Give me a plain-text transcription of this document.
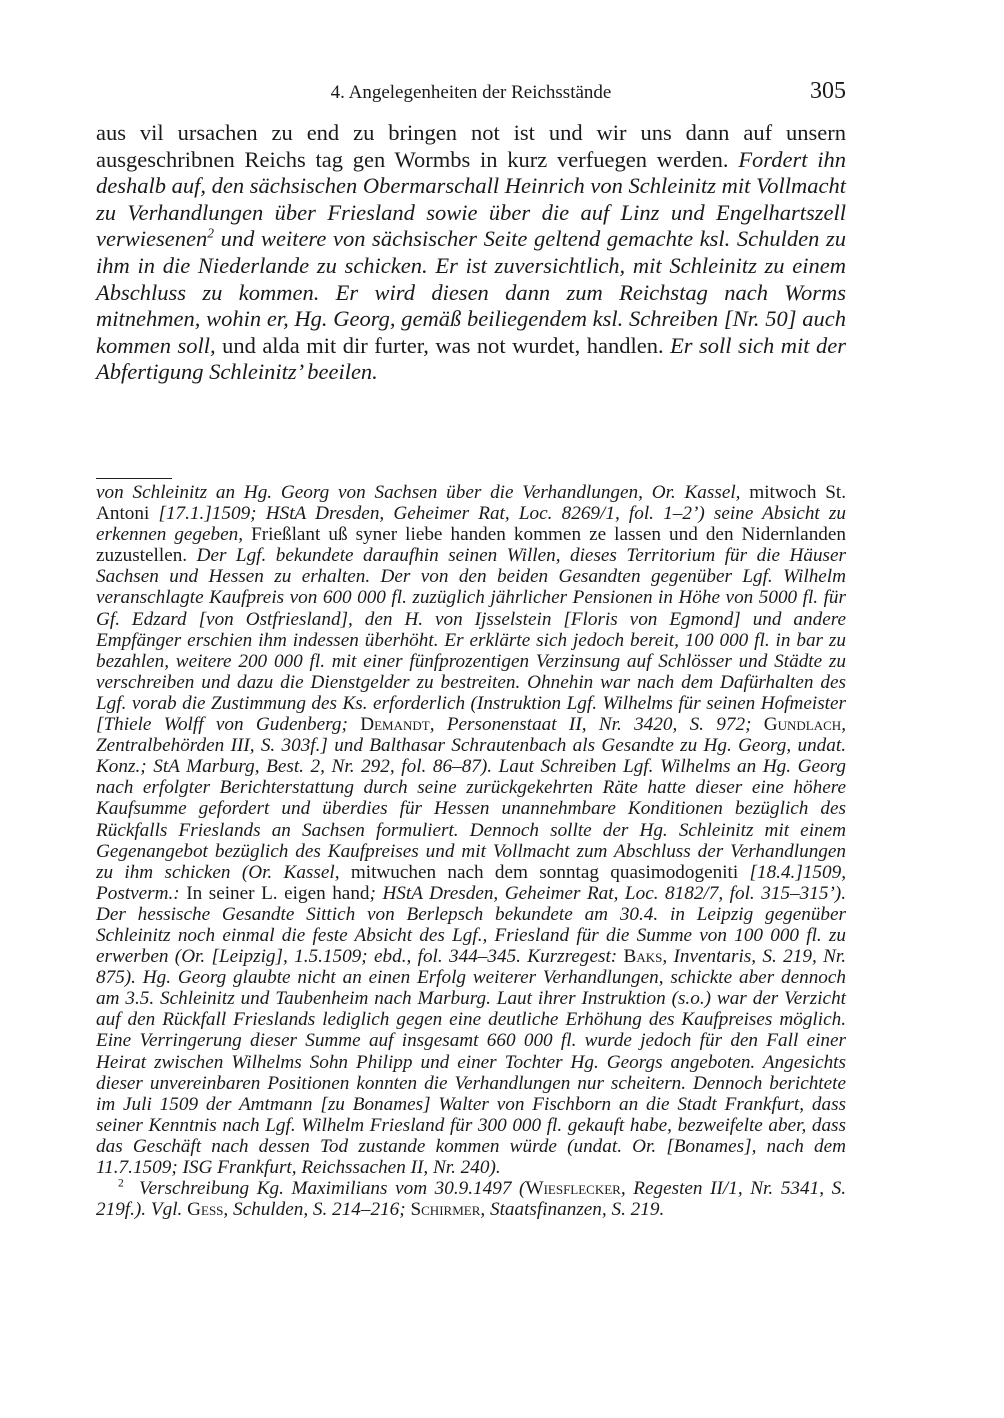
4. Angelegenheiten der Reichsstände	305

aus vil ursachen zu end zu bringen not ist und wir uns dann auf unsern ausgeschribnen Reichs tag gen Wormbs in kurz verfuegen werden. Fordert ihn deshalb auf, den sächsischen Obermarschall Heinrich von Schleinitz mit Vollmacht zu Verhandlungen über Friesland sowie über die auf Linz und Engelhartszell verwiesenen$^2$ und weitere von sächsischer Seite geltend gemachte ksl. Schulden zu ihm in die Niederlande zu schicken. Er ist zuversichtlich, mit Schleinitz zu einem Abschluss zu kommen. Er wird diesen dann zum Reichstag nach Worms mitnehmen, wohin er, Hg. Georg, gemäß beiliegendem ksl. Schreiben [Nr. 50] auch kommen soll, und alda mit dir furter, was not wurdet, handlen. Er soll sich mit der Abfertigung Schleinitz’ beeilen.

von Schleinitz an Hg. Georg von Sachsen über die Verhandlungen, Or. Kassel, mitwoch St. Antoni [17.1.]1509; HStA Dresden, Geheimer Rat, Loc. 8269/1, fol. 1–2’) seine Absicht zu erkennen gegeben, Frießlant uß syner liebe handen kommen ze lassen und den Nidernlanden zuzustellen. Der Lgf. bekundete daraufhin seinen Willen, dieses Territorium für die Häuser Sachsen und Hessen zu erhalten. Der von den beiden Gesandten gegenüber Lgf. Wilhelm veranschlagte Kaufpreis von 600 000 fl. zuzüglich jährlicher Pensionen in Höhe von 5000 fl. für Gf. Edzard [von Ostfriesland], den H. von Ijsselstein [Floris von Egmond] und andere Empfänger erschien ihm indessen überhöht. Er erklärte sich jedoch bereit, 100 000 fl. in bar zu bezahlen, weitere 200 000 fl. mit einer fünfprozentigen Verzinsung auf Schlösser und Städte zu verschreiben und dazu die Dienstgelder zu bestreiten. Ohnehin war nach dem Dafürhalten des Lgf. vorab die Zustimmung des Ks. erforderlich (Instruktion Lgf. Wilhelms für seinen Hofmeister [Thiele Wolff von Gudenberg; Demandt, Personenstaat II, Nr. 3420, S. 972; Gundlach, Zentralbehörden III, S. 303f.] und Balthasar Schrautenbach als Gesandte zu Hg. Georg, undat. Konz.; StA Marburg, Best. 2, Nr. 292, fol. 86–87). Laut Schreiben Lgf. Wilhelms an Hg. Georg nach erfolgter Berichterstattung durch seine zurückgekehrten Räte hatte dieser eine höhere Kaufsumme gefordert und überdies für Hessen unannehmbare Konditionen bezüglich des Rückfalls Frieslands an Sachsen formuliert. Dennoch sollte der Hg. Schleinitz mit einem Gegenangebot bezüglich des Kaufpreises und mit Vollmacht zum Abschluss der Verhandlungen zu ihm schicken (Or. Kassel, mitwuchen nach dem sonntag quasimodogeniti [18.4.]1509, Postverm.: In seiner L. eigen hand; HStA Dresden, Geheimer Rat, Loc. 8182/7, fol. 315–315’). Der hessische Gesandte Sittich von Berlepsch bekundete am 30.4. in Leipzig gegenüber Schleinitz noch einmal die feste Absicht des Lgf., Friesland für die Summe von 100 000 fl. zu erwerben (Or. [Leipzig], 1.5.1509; ebd., fol. 344–345. Kurzregest: Baks, Inventaris, S. 219, Nr. 875). Hg. Georg glaubte nicht an einen Erfolg weiterer Verhandlungen, schickte aber dennoch am 3.5. Schleinitz und Taubenheim nach Marburg. Laut ihrer Instruktion (s.o.) war der Verzicht auf den Rückfall Frieslands lediglich gegen eine deutliche Erhöhung des Kaufpreises möglich. Eine Verringerung dieser Summe auf insgesamt 660 000 fl. wurde jedoch für den Fall einer Heirat zwischen Wilhelms Sohn Philipp und einer Tochter Hg. Georgs angeboten. Angesichts dieser unvereinbaren Positionen konnten die Verhandlungen nur scheitern. Dennoch berichtete im Juli 1509 der Amtmann [zu Bonames] Walter von Fischborn an die Stadt Frankfurt, dass seiner Kenntnis nach Lgf. Wilhelm Friesland für 300 000 fl. gekauft habe, bezweifelte aber, dass das Geschäft nach dessen Tod zustande kommen würde (undat. Or. [Bonames], nach dem 11.7.1509; ISG Frankfurt, Reichssachen II, Nr. 240).

$^2$ Verschreibung Kg. Maximilians vom 30.9.1497 (Wiesflecker, Regesten II/1, Nr. 5341, S. 219f.). Vgl. Gess, Schulden, S. 214–216; Schirmer, Staatsfinanzen, S. 219.
